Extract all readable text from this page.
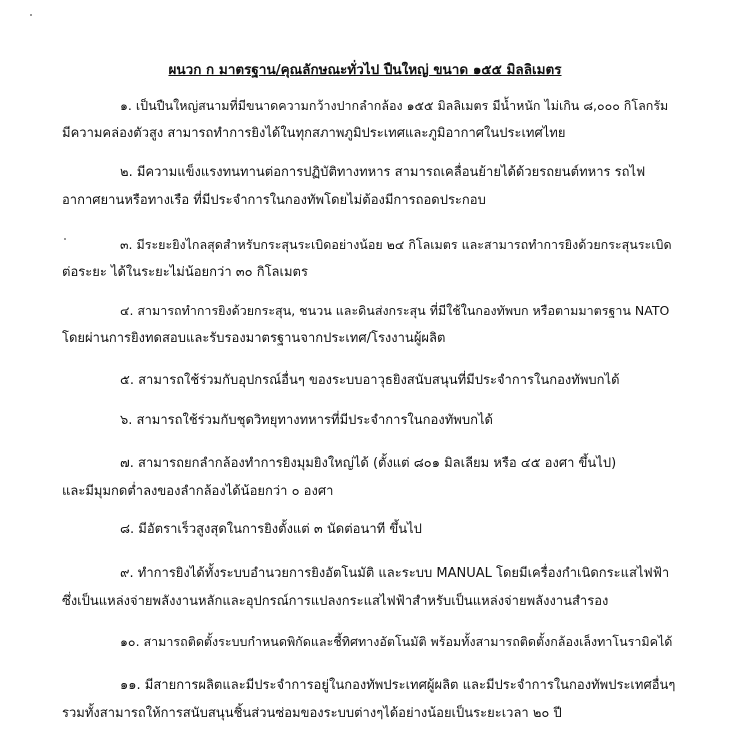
ผนวก ก มาตรฐาน/คุณลักษณะทั่วไป ปืนใหญ่ ขนาด ๑๕๕ มิลลิเมตร
๑. เป็นปืนใหญ่สนามที่มีขนาดความกว้างปากลำกล้อง ๑๕๕ มิลลิเมตร มีน้ำหนัก ไม่เกิน ๘,๐๐๐ กิโลกรัม
มีความคล่องตัวสูง สามารถทำการยิงได้ในทุกสภาพภูมิประเทศและภูมิอากาศในประเทศไทย
๒. มีความแข็งแรงทนทานต่อการปฏิบัติทางทหาร สามารถเคลื่อนย้ายได้ด้วยรถยนต์ทหาร รถไฟ
อากาศยานหรือทางเรือ ที่มีประจำการในกองทัพโดยไม่ต้องมีการถอดประกอบ
๓. มีระยะยิงไกลสุดสำหรับกระสุนระเบิดอย่างน้อย ๒๔ กิโลเมตร และสามารถทำการยิงด้วยกระสุนระเบิด
ต่อระยะ ได้ในระยะไม่น้อยกว่า ๓๐ กิโลเมตร
๔. สามารถทำการยิงด้วยกระสุน, ชนวน และดินส่งกระสุน ที่มีใช้ในกองทัพบก หรือตามมาตรฐาน NATO
โดยผ่านการยิงทดสอบและรับรองมาตรฐานจากประเทศ/โรงงานผู้ผลิต
๕. สามารถใช้ร่วมกับอุปกรณ์อื่นๆ ของระบบอาวุธยิงสนับสนุนที่มีประจำการในกองทัพบกได้
๖. สามารถใช้ร่วมกับชุดวิทยุทางทหารที่มีประจำการในกองทัพบกได้
๗. สามารถยกลำกล้องทำการยิงมุมยิงใหญ่ได้ (ตั้งแต่ ๘๐๑ มิลเลียม หรือ ๔๕ องศา ขึ้นไป)
และมีมุมกดต่ำลงของลำกล้องได้น้อยกว่า ๐ องศา
๘. มีอัตราเร็วสูงสุดในการยิงตั้งแต่ ๓ นัดต่อนาที ขึ้นไป
๙. ทำการยิงได้ทั้งระบบอำนวยการยิงอัตโนมัติ และระบบ MANUAL โดยมีเครื่องกำเนิดกระแสไฟฟ้า
ซึ่งเป็นแหล่งจ่ายพลังงานหลักและอุปกรณ์การแปลงกระแสไฟฟ้าสำหรับเป็นแหล่งจ่ายพลังงานสำรอง
๑๐. สามารถติดตั้งระบบกำหนดพิกัดและชี้ทิศทางอัตโนมัติ พร้อมทั้งสามารถติดตั้งกล้องเล็งทาโนรามิคได้
๑๑. มีสายการผลิตและมีประจำการอยู่ในกองทัพประเทศผู้ผลิต และมีประจำการในกองทัพประเทศอื่นๆ
รวมทั้งสามารถให้การสนับสนุนชิ้นส่วนซ่อมของระบบต่างๆได้อย่างน้อยเป็นระยะเวลา ๒๐ ปี
